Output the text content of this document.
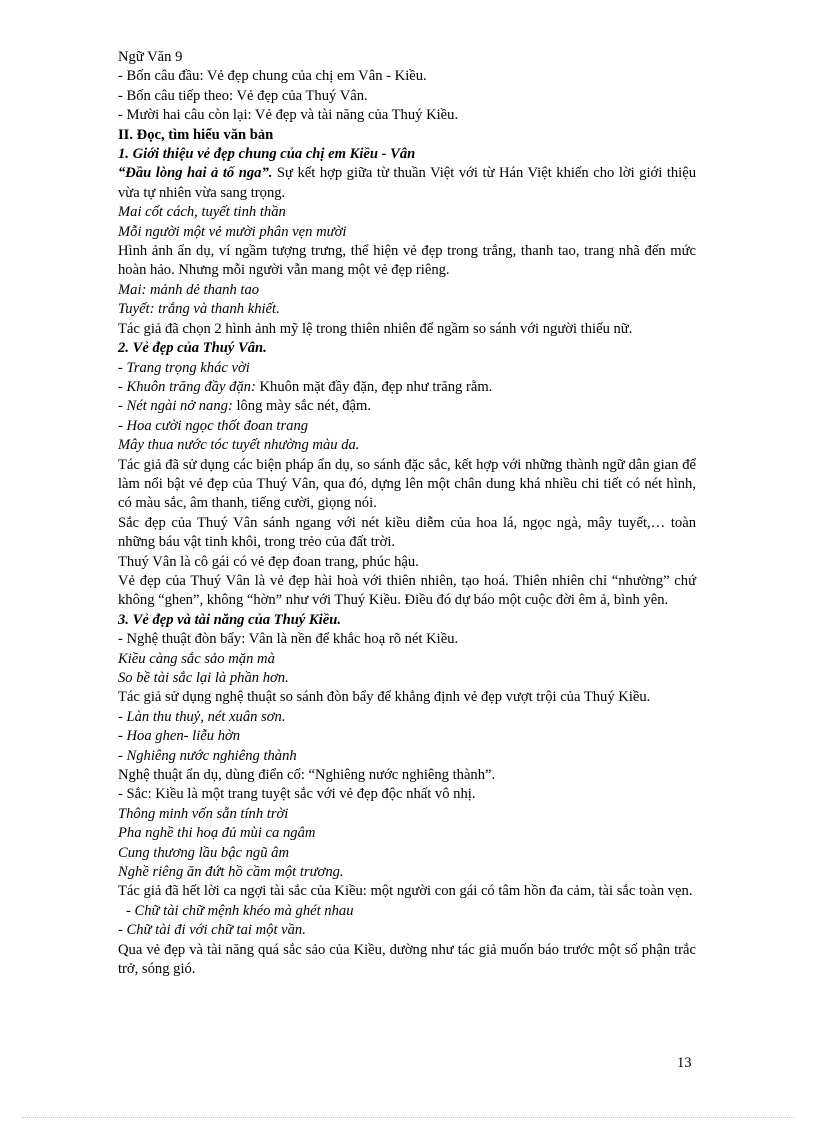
Ngữ Văn 9
- Bốn câu đầu: Vẻ đẹp chung của chị em Vân - Kiều.
- Bốn câu tiếp theo: Vẻ đẹp của Thuý Vân.
- Mười hai câu còn lại: Vẻ đẹp và tài năng của Thuý Kiều.
II. Đọc, tìm hiểu văn bản
1. Giới thiệu vẻ đẹp chung của chị em Kiều - Vân
“Đầu lòng hai ả tố nga”. Sự kết hợp giữa từ thuần Việt với từ Hán Việt khiến cho lời giới thiệu vừa tự nhiên vừa sang trọng.
Mai cốt cách, tuyết tinh thần
Mỗi người một vẻ mười phân vẹn mười
Hình ảnh ẩn dụ, ví ngầm tượng trưng, thể hiện vẻ đẹp trong trắng, thanh tao, trang nhã đến mức hoàn hảo. Nhưng mỗi người vẫn mang một vẻ đẹp riêng.
Mai: mảnh dẻ thanh tao
Tuyết: trắng và thanh khiết.
Tác giả đã chọn 2 hình ảnh mỹ lệ trong thiên nhiên để ngầm so sánh với người thiếu nữ.
2. Vẻ đẹp của Thuý Vân.
- Trang trọng khác vời
- Khuôn trăng đầy đặn: Khuôn mặt đầy đặn, đẹp như trăng rằm.
- Nét ngài nở nang: lông mày sắc nét, đậm.
- Hoa cười ngọc thốt đoan trang
Mây thua nước tóc tuyết nhường màu da.
Tác giả đã sử dụng các biện pháp ẩn dụ, so sánh đặc sắc, kết hợp với những thành ngữ dân gian để làm nổi bật vẻ đẹp của Thuý Vân, qua đó, dựng lên một chân dung khá nhiều chi tiết có nét hình, có màu sắc, âm thanh, tiếng cười, giọng nói.
Sắc đẹp của Thuý Vân sánh ngang với nét kiều diễm của hoa lá, ngọc ngà, mây tuyết,… toàn những báu vật tinh khôi, trong trẻo của đất trời.
Thuý Vân là cô gái có vẻ đẹp đoan trang, phúc hậu.
Vẻ đẹp của Thuý Vân là vẻ đẹp hài hoà với thiên nhiên, tạo hoá. Thiên nhiên chỉ “nhường” chứ không “ghen”, không “hờn” như với Thuý Kiều. Điều đó dự báo một cuộc đời êm ả, bình yên.
3. Vẻ đẹp và tài năng của Thuý Kiều.
- Nghệ thuật đòn bẩy: Vân là nền để khắc hoạ rõ nét Kiều.
Kiều càng sắc sảo mặn mà
So bề tài sắc lại là phần hơn.
Tác giả sử dụng nghệ thuật so sánh đòn bẩy để khẳng định vẻ đẹp vượt trội của Thuý Kiều.
- Làn thu thuỷ, nét xuân sơn.
- Hoa ghen- liễu hờn
- Nghiêng nước nghiêng thành
Nghệ thuật ẩn dụ, dùng điển cố: “Nghiêng nước nghiêng thành”.
- Sắc: Kiều là một trang tuyệt sắc với vẻ đẹp độc nhất vô nhị.
Thông minh vốn sẵn tính trời
Pha nghề thi hoạ đủ mùi ca ngâm
Cung thương lầu bậc ngũ âm
Nghề riêng ăn đứt hồ cầm một trương.
Tác giả đã hết lời ca ngợi tài sắc của Kiều: một người con gái có tâm hồn đa cảm, tài sắc toàn vẹn.
- Chữ tài chữ mệnh khéo mà ghét nhau
- Chữ tài đi với chữ tai một vần.
Qua vẻ đẹp và tài năng quá sắc sảo của Kiều, dường như tác giả muốn báo trước một số phận trắc trở, sóng gió.
13
